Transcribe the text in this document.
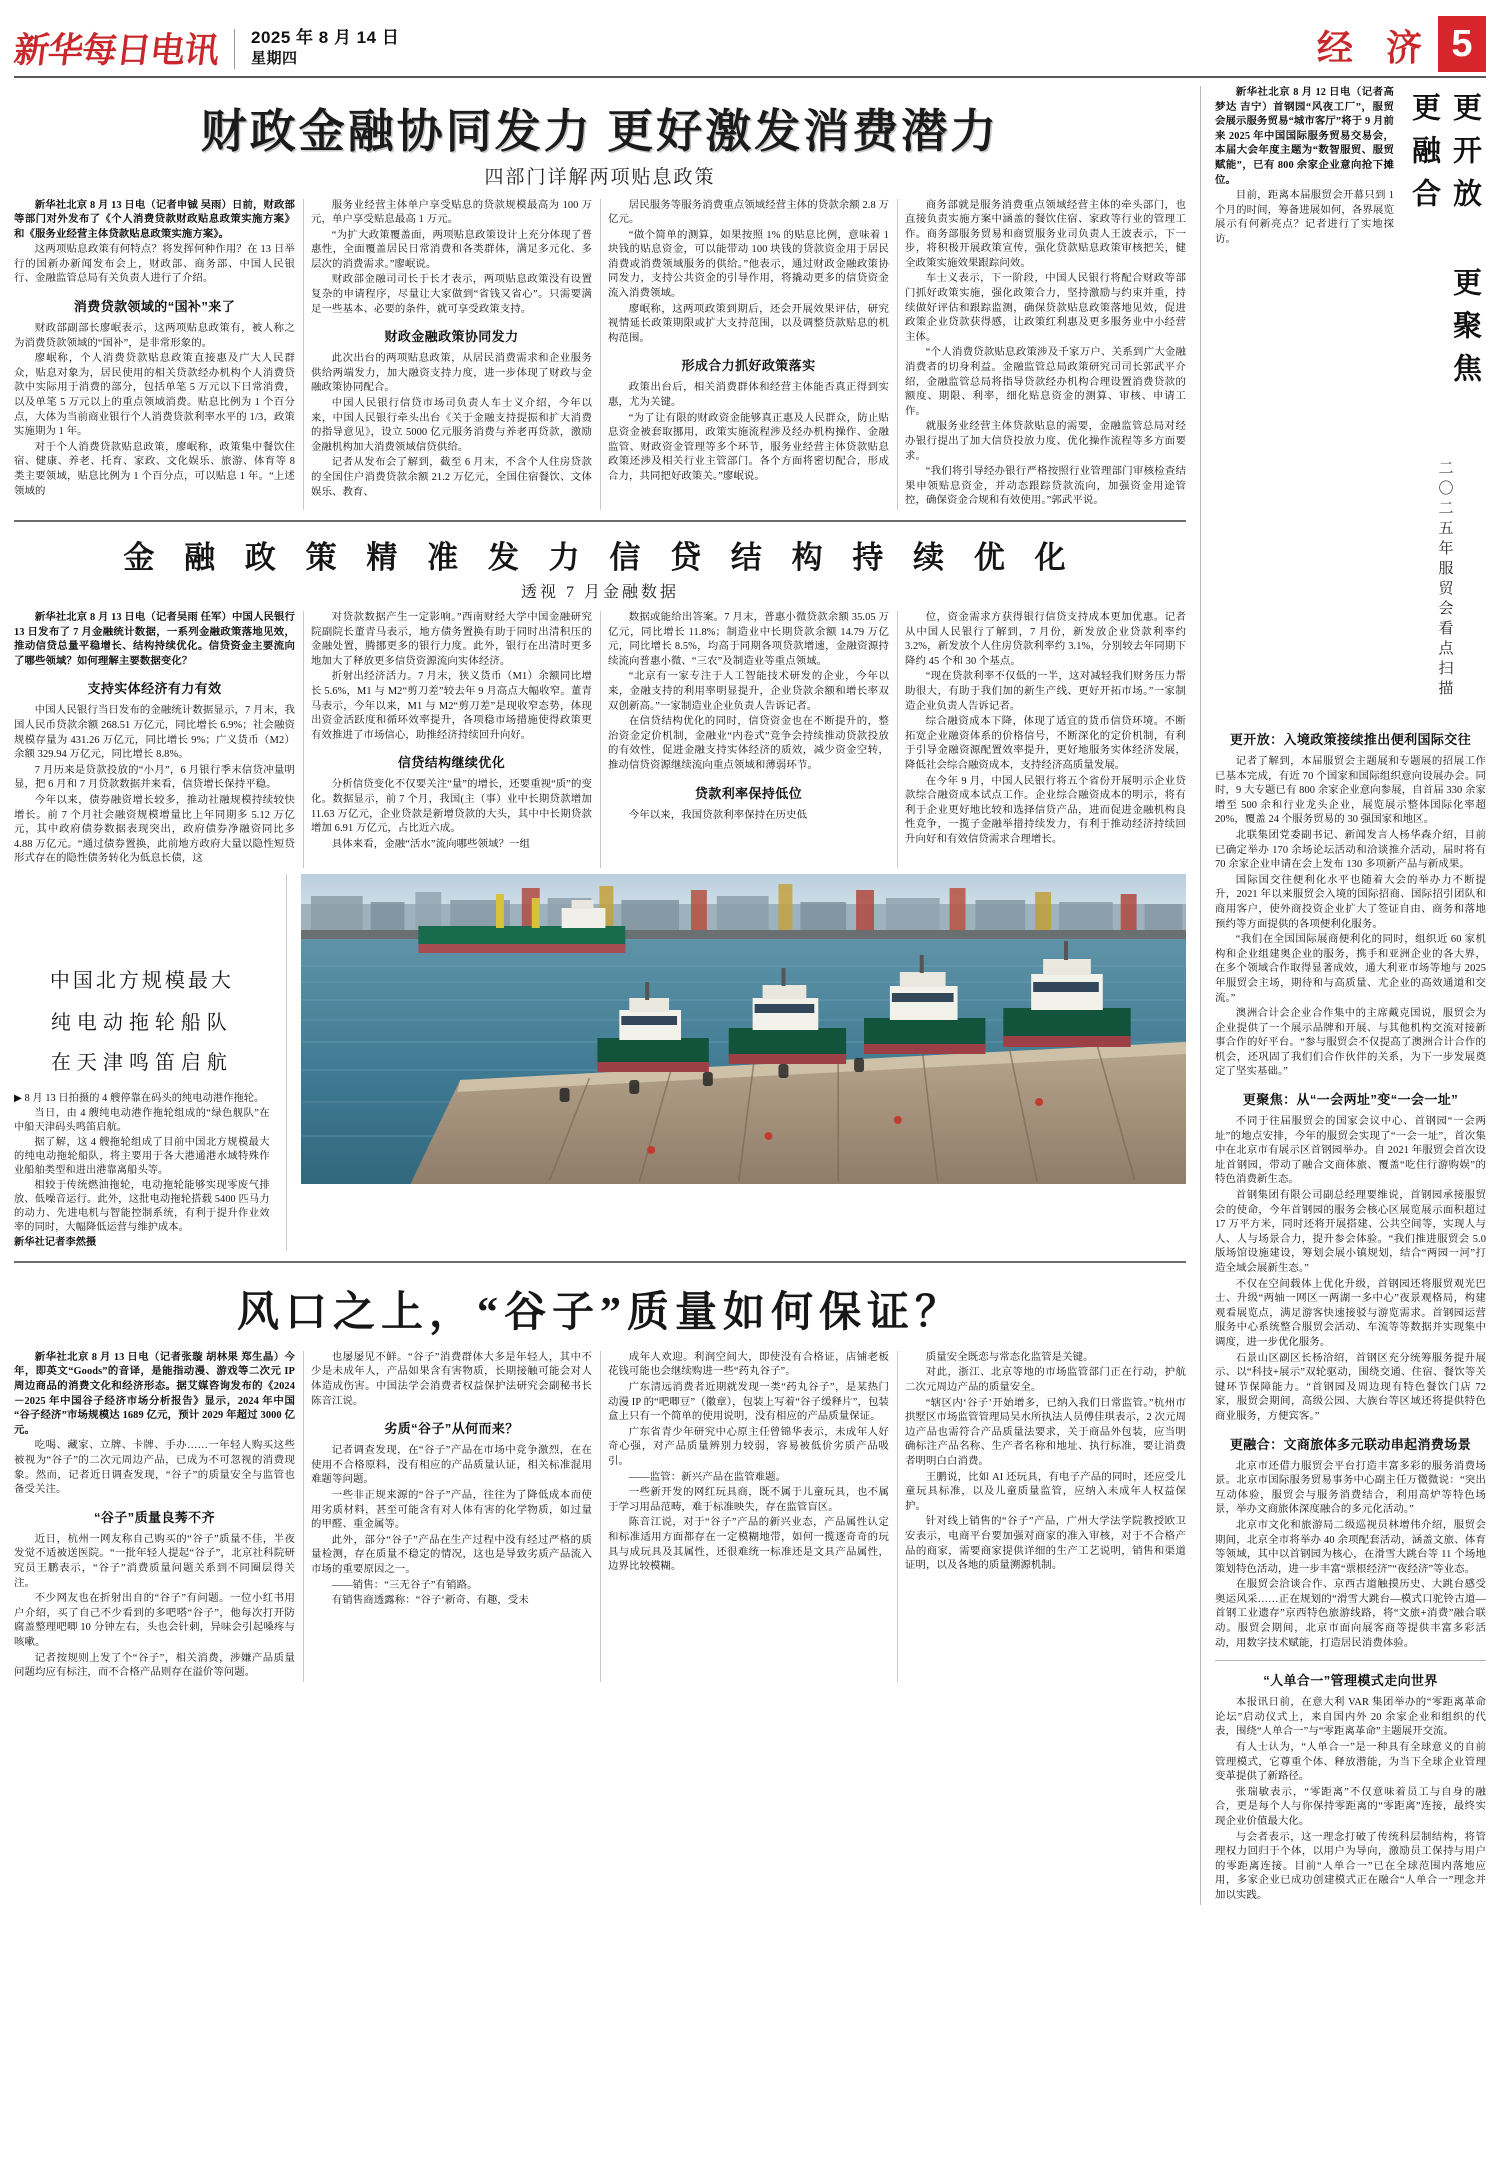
新华每日电讯 2025 年 8 月 14 日
星期四	经 济 5
财政金融协同发力 更好激发消费潜力
四部门详解两项贴息政策

新华社北京 8 月 13 日电（记者申铖 吴雨）日前，财政部等部门对外发布了《个人消费贷款财政贴息政策实施方案》和《服务业经营主体贷款贴息政策实施方案》。

这两项贴息政策有何特点？将发挥何种作用？在 13 日举行的国新办新闻发布会上，财政部、商务部、中国人民银行、金融监管总局有关负责人进行了介绍。

消费贷款领域的“国补”来了

财政部副部长廖岷表示，这两项贴息政策有，被人称之为消费贷款领域的“国补”，是非常形象的。

廖岷称，个人消费贷款贴息政策直接惠及广大人民群众，贴息对象为，居民使用的相关贷款经办机构个人消费贷款中实际用于消费的部分，包括单笔 5 万元以下日常消费，以及单笔 5 万元以上的重点领域消费。贴息比例为 1 个百分点，大体为当前商业银行个人消费贷款利率水平的 1/3，政策实施期为 1 年。

对于个人消费贷款贴息政策，廖岷称，政策集中餐饮住宿、健康、养老、托育、家政、文化娱乐、旅游、体育等 8 类主要领域，贴息比例为 1 个百分点，可以贴息 1 年。“上述领域的

服务业经营主体单户享受贴息的贷款规模最高为 100 万元，单户享受贴息最高 1 万元。

“为扩大政策覆盖面，两项贴息政策设计上充分体现了普惠性，全面覆盖居民日常消费和各类群体，满足多元化、多层次的消费需求。”廖岷说。

财政部金融司司长于长才表示，两项贴息政策没有设置复杂的申请程序，尽量让大家做到“省钱又省心”。只需要满足一些基本、必要的条件，就可享受政策支持。

财政金融政策协同发力

此次出台的两项贴息政策，从居民消费需求和企业服务供给两端发力，加大融资支持力度，进一步体现了财政与金融政策协同配合。

中国人民银行信贷市场司负责人车士义介绍，今年以来，中国人民银行牵头出台《关于金融支持提振和扩大消费的指导意见》，设立 5000 亿元服务消费与养老再贷款，激励金融机构加大消费领域信贷供给。

记者从发布会了解到，截至 6 月末，不含个人住房贷款的全国住户消费贷款余额 21.2 万亿元，全国住宿餐饮、文体娱乐、教育、

居民服务等服务消费重点领域经营主体的贷款余额 2.8 万亿元。

“做个简单的测算，如果按照 1% 的贴息比例，意味着 1 块钱的贴息资金，可以能带动 100 块钱的贷款资金用于居民消费或消费领域服务的供给。”他表示，通过财政金融政策协同发力，支持公共资金的引导作用，将撬动更多的信贷资金流入消费领域。

廖岷称，这两项政策到期后，还会开展效果评估，研究视情延长政策期限或扩大支持范围，以及调整贷款贴息的机构范围。

形成合力抓好政策落实

政策出台后，相关消费群体和经营主体能否真正得到实惠，尤为关键。

“为了让有限的财政资金能够真正惠及人民群众，防止贴息资金被套取挪用，政策实施流程涉及经办机构操作、金融监管、财政资金管理等多个环节，服务业经营主体贷款贴息政策还涉及相关行业主管部门。各个方面将密切配合，形成合力，共同把好政策关。”廖岷说。

商务部就是服务消费重点领域经营主体的牵头部门，也直接负责实施方案中涵盖的餐饮住宿、家政等行业的管理工作。商务部服务贸易和商贸服务业司负责人王波表示，下一步，将积极开展政策宣传，强化贷款贴息政策审核把关，健全政策实施效果跟踪问效。

车士义表示，下一阶段，中国人民银行将配合财政等部门抓好政策实施，强化政策合力，坚持激励与约束并重，持续做好评估和跟踪监测，确保贷款贴息政策落地见效，促进政策企业贷款获得感，让政策红利惠及更多服务业中小经营主体。

“个人消费贷款贴息政策涉及千家万户、关系到广大金融消费者的切身利益。金融监管总局政策研究司司长郭武平介绍，金融监管总局将指导贷款经办机构合理设置消费贷款的额度、期限、利率，细化贴息资金的测算、审核、申请工作。

就服务业经营主体贷款贴息的需要，金融监管总局对经办银行提出了加大信贷投放力度、优化操作流程等多方面要求。

“我们将引导经办银行严格按照行业管理部门审核检查结果申领贴息资金，并动态跟踪贷款流向，加强资金用途管控，确保资金合规和有效使用。”郭武平说。

金 融 政 策 精 准 发 力 信 贷 结 构 持 续 优 化
透视 7 月金融数据

新华社北京 8 月 13 日电（记者吴雨 任军）中国人民银行 13 日发布了 7 月金融统计数据，一系列金融政策落地见效，推动信贷总量平稳增长、结构持续优化。信贷资金主要流向了哪些领域？如何理解主要数据变化？

支持实体经济有力有效

中国人民银行当日发布的金融统计数据显示，7 月末，我国人民币贷款余额 268.51 万亿元，同比增长 6.9%；社会融资规模存量为 431.26 万亿元，同比增长 9%；广义货币（M2）余额 329.94 万亿元，同比增长 8.8%。

7 月历来是贷款投放的“小月”，6 月银行季末信贷冲量明显，把 6 月和 7 月贷款数据并来看，信贷增长保持平稳。

今年以来，债券融资增长较多，推动社融规模持续较快增长。前 7 个月社会融资规模增量比上年同期多 5.12 万亿元，其中政府债券数据表现突出，政府债券净融资同比多 4.88 万亿元。“通过债券置换，此前地方政府大量以隐性短贷形式存在的隐性债务转化为低息长债，这

对贷款数据产生一定影响。”西南财经大学中国金融研究院副院长董青马表示，地方债务置换有助于同时出清积压的金融处置，腾挪更多的银行力度。此外，银行在出清时更多地加大了释放更多信贷资源流向实体经济。

折射出经济活力。7 月末，狭义货币（M1）余额同比增长 5.6%，M1 与 M2“剪刀差”较去年 9 月高点大幅收窄。董青马表示，今年以来，M1 与 M2“剪刀差”是现收窄态势，体现出资金活跃度和循环效率提升，各项稳市场措施使得政策更有效推进了市场信心，助推经济持续回升向好。

信贷结构继续优化

分析信贷变化不仅要关注“量”的增长，还要重视“质”的变化。数据显示，前 7 个月，我国(主（事）业中长期贷款增加 11.63 万亿元，企业贷款是新增贷款的大头，其中中长期贷款增加 6.91 万亿元，占比近六成。

具体来看，金融“活水”流向哪些领域？一组

数据或能给出答案。7 月末，普惠小微贷款余额 35.05 万亿元，同比增长 11.8%；制造业中长期贷款余额 14.79 万亿元，同比增长 8.5%，均高于同期各项贷款增速，金融资源持续流向普惠小微、“三农”及制造业等重点领域。

“北京有一家专注于人工智能技术研发的企业，今年以来，金融支持的利用率明显提升，企业贷款余额和增长率双双创新高。”一家制造业企业负责人告诉记者。

在信贷结构优化的同时，信贷资金也在不断提升的，整治资金定价机制，金融业“内卷式”竞争会持续推动贷款投放的有效性，促进金融支持实体经济的质效，减少资金空转，推动信贷资源继续流向重点领域和薄弱环节。

贷款利率保持低位

今年以来，我国贷款利率保持在历史低

位，资金需求方获得银行信贷支持成本更加优惠。记者从中国人民银行了解到，7 月份，新发放企业贷款利率约 3.2%，新发放个人住房贷款利率约 3.1%，分别较去年同期下降约 45 个和 30 个基点。

“现在贷款利率不仅低的一半，这对减轻我们财务压力帮助很大，有助于我们加的新生产线、更好开拓市场。”一家制造企业负责人告诉记者。

综合融资成本下降，体现了适宜的货币信贷环境。不断拓宽企业融资体系的价格信号，不断深化的定价机制，有利于引导金融资源配置效率提升，更好地服务实体经济发展，降低社会综合融资成本，支持经济高质量发展。

在今年 9 月，中国人民银行将五个省份开展明示企业贷款综合融资成本试点工作。企业综合融资成本的明示，将有利于企业更好地比较和选择信贷产品，进而促进金融机构良性竞争，一揽子金融举措持续发力，有利于推动经济持续回升向好和有效信贷需求合理增长。

中国北方规模最大
纯电动拖轮船队
在天津鸣笛启航

▶ 8 月 13 日拍摄的 4 艘停靠在码头的纯电动港作拖轮。

当日，由 4 艘纯电动港作拖轮组成的“绿色舰队”在中船天津码头鸣笛启航。

据了解，这 4 艘拖轮组成了目前中国北方规模最大的纯电动拖轮船队，将主要用于各大港通港水域特殊作业船舶类型和进出港靠离船头等。

相较于传统燃油拖轮，电动拖轮能够实现零废气排放、低噪音运行。此外，这批电动拖轮搭载 5400 匹马力的动力、先进电机与智能控制系统，有利于提升作业效率的同时，大幅降低运营与维护成本。

新华社记者李然摄

风口之上，“谷子”质量如何保证？

新华社北京 8 月 13 日电（记者张璇 胡林果 郑生晶）今年，即英文“Goods”的音译，是能指动漫、游戏等二次元 IP 周边商品的消费文化和经济形态。据艾媒咨询发布的《2024－2025 年中国谷子经济市场分析报告》显示，2024 年中国“谷子经济”市场规模达 1689 亿元，预计 2029 年超过 3000 亿元。

吃喝、藏家、立牌、卡牌、手办……一年轻人购买这些被视为“谷子”的二次元周边产品，已成为不可忽视的消费现象。然而，记者近日调查发现，“谷子”的质量安全与监管也备受关注。

“谷子”质量良莠不齐

近日，杭州一网友称自己购买的“谷子”质量不佳，半夜发觉不适被送医院。“一批年轻人提起“谷子”，北京社科院研究员王鹏表示，“谷子”消费质量问题关系到不同圈层得关注。

不少网友也在折射出自的“谷子”有问题。一位小红书用户介绍，买了自己不少看到的多吧嗒“谷子”，他每次打开防腐盖整理吧唧 10 分钟左右，头也会针刺，异味会引起嗓疼与咳嗽。

记者按规则上发了个“谷子”，相关消费，涉嫌产品质量问题均应有标注，而不合格产品则存在溢价等问题。

也屡屡见不鲜。“谷子”消费群体大多是年轻人，其中不少是未成年人，产品如果含有害物质，长期接触可能会对人体造成伤害。中国法学会消费者权益保护法研究会副秘书长陈音江说。

劣质“谷子”从何而来？

记者调查发现，在“谷子”产品在市场中竞争激烈，在在使用不合格原料，没有相应的产品质量认证，相关标准混用难题等问题。

一些非正规来源的“谷子”产品，往往为了降低成本而使用劣质材料，甚至可能含有对人体有害的化学物质，如过量的甲醛、重金属等。

此外，部分“谷子”产品在生产过程中没有经过严格的质量检测，存在质量不稳定的情况，这也是导致劣质产品流入市场的重要原因之一。

——销售：“三无谷子”有销路。

有销售商透露称：“谷子‘新奇、有趣，受未

成年人欢迎。利润空间大，即使没有合格证，店铺老板花钱可能也会继续购进一些“药丸谷子”。

广东清远消费者近期就发现一类“药丸谷子”，是某热门动漫 IP 的“吧唧豆”（徽章），包装上写着“谷子缓释片”，包装盒上只有一个简单的使用说明，没有相应的产品质量保证。

广东省青少年研究中心原主任曾锦华表示，未成年人好奇心强，对产品质量辨别力较弱，容易被低价劣质产品吸引。

——监管：新兴产品在监管难题。

一些新开发的网红玩具商，既不属于儿童玩具，也不属于学习用品范畴，难于标准映失，存在监管盲区。

陈音江说，对于“谷子”产品的新兴业态，产品属性认定和标准适用方面都存在一定模糊地带，如何一揽逐奇奇的玩具与成玩具及其属性，还很难统一标准还是文具产品属性，边界比较模糊。

质量安全既恋与常态化监管是关键。

对此，浙江、北京等地的市场监管部门正在行动，护航二次元周边产品的质量安全。

“辖区内‘谷子’开始增多，已纳入我们日常监管。”杭州市拱墅区市场监管管理局吴水所执法人员傅佳琪表示，2 次元周边产品也需符合产品质量法要求，关于商品外包装，应当明确标注产品名称、生产者名称和地址、执行标准，要让消费者明明白白消费。

王鹏说，比如 AI 还玩具，有电子产品的同时，还应受儿童玩具标准，以及儿童质量监管，应纳入未成年人权益保护。

针对线上销售的“谷子”产品，广州大学法学院教授欧卫安表示，电商平台要加强对商家的准入审核，对于不合格产品的商家，需要商家提供详细的生产工艺说明，销售和渠道证明，以及各地的质量溯源机制。

新华社北京 8 月 12 日电（记者高梦达 吉宁）首钢园“风夜工厂”，服贸会展示服务贸易“城市客厅”将于 9 月前来 2025 年中国国际服务贸易交易会，本届大会年度主题为“数智服贸、服贸赋能”，已有 800 余家企业意向抢下摊位。

目前，距离本届服贸会开幕只到 1 个月的时间，筹备进展如何，各界展览展示有何新亮点？记者进行了实地探访。	更开放 更聚焦 更融合
二〇二五年服贸会看点扫描
更开放：入境政策接续推出便利国际交往

记者了解到，本届服贸会主题展和专题展的招展工作已基本完成，有近 70 个国家和国际组织意向设展办会。同时，9 大专题已有 800 余家企业意向参展，自首届 330 余家增至 500 余和行业龙头企业，展览展示整体国际化率超 20%，覆盖 24 个服务贸易的 30 强国家和地区。

北联集团党委副书记、新闻发言人杨华森介绍，目前已确定举办 170 余场论坛活动和洽谈推介活动，届时将有 70 余家企业申请在会上发布 130 多项新产品与新成果。

国际国交往便利化水平也随着大会的举办力不断提升，2021 年以来服贸会入境的国际招商、国际招引团队和商用客户，使外商投资企业扩大了签证自由、商务和落地预约等方面提供的各项便利化服务。

“我们在全国国际展商便利化的同时，组织近 60 家机构和企业组建奥企业的服务，携手和亚洲企业的各大界，在多个领域合作取得显著成效，通大利亚市场等地与 2025 年服贸会主场，期待和与高质量、尤企业的高效通道和交流。”

澳洲合计会企业合作集中的主席戴克国说，服贸会为企业提供了一个展示品牌和开展、与其他机构交流对接新事合作的好平台。“参与服贸会不仅提高了澳洲合计合作的机会，还巩固了我们们合作伙伴的关系，为下一步发展奠定了坚实基础。”

更聚焦：从“一会两址”变“一会一址”

不同于往届服贸会的国家会议中心、首钢园“一会两址”的地点安排，今年的服贸会实现了“一会一址”，首次集中在北京市有展示区首钢园举办。自 2021 年服贸会首次设址首钢园，带动了融合文商体旅、覆盖“吃住行游购娱”的特色消费新生态。

首钢集团有限公司副总经理要维说，首钢园承接服贸会的使命，今年首钢园的服务会核心区展览展示面积超过 17 万平方米，同时还将开展搭建、公共空间等，实现人与人、人与场景合力，提升参会体验。“我们推进服贸会 5.0 版场馆设施建设，筹划会展小镇规划，结合“两园一河”打造全域会展新生态。”

不仅在空间载体上优化升级，首钢园还将服贸观光巴士、升级“两轴一网区一两湖一多中心”夜景观格局，构建观看展览点，满足游客快速接驳与游览需求。首钢园运营服务中心系统整合服贸会活动、车流等等数据并实现集中调度，进一步优化服务。

石景山区副区长杨洽绍，首钢区充分统筹服务提升展示、以“科技+展示”双轮驱动，围绕交通、住宿、餐饮等关键环节保障能力。“首钢园及周边现有特色餐饮门店 72 家，服贸会期间，高级公园、大族台等区域还将提供特色商业服务，方便宾客。”

更融合：文商旅体多元联动串起消费场景

北京市还借力服贸会平台打造丰富多彩的服务消费场景。北京市国际服务贸易事务中心副主任万微微说：“突出互动体验，服贸会与服务消费结合，利用高炉等特色场景，举办文商旅体深度融合的多元化活动。”

北京市文化和旅游局二级巡视员林增伟介绍，服贸会期间，北京全市将举办 40 余项配套活动，涵盖文旅、体育等领域，其中以首钢园为核心，在滑雪大跳台等 11 个场地策划特色活动，进一步丰富“票根经济”“夜经济”等业态。

在服贸会洽谈合作、京西古道触摸历史、大跳台感受奥运风采……正在规划的“滑雪大跳台—模式口驼铃古道—首钢工业遗存”京西特色旅游线路，将“文旅+消费”融合联动。服贸会期间，北京市面向展客商等提供丰富多彩活动，用数字技术赋能，打造居民消费体验。

“人单合一”管理模式走向世界

本报讯日前，在意大利 VAR 集团举办的“零距离革命论坛”启动仪式上，来自国内外 20 余家企业和组织的代表，围绕“人单合一”与“零距离革命”主题展开交流。

有人士认为，“人单合一”是一种具有全球意义的自前管理模式，它尊重个体、释放潜能，为当下全球企业管理变革提供了新路径。

张瑞敏表示，“零距离”不仅意味着员工与自身的融合，更是每个人与你保持零距离的“零距离”连接，最终实现企业价值最大化。

与会者表示，这一理念打破了传统科层制结构，将管理权力回归于个体，以用户为导向，激励员工保持与用户的零距离连接。目前“人单合一”已在全球范围内落地应用，多家企业已成功创建模式正在融合“人单合一”理念并加以实践。
